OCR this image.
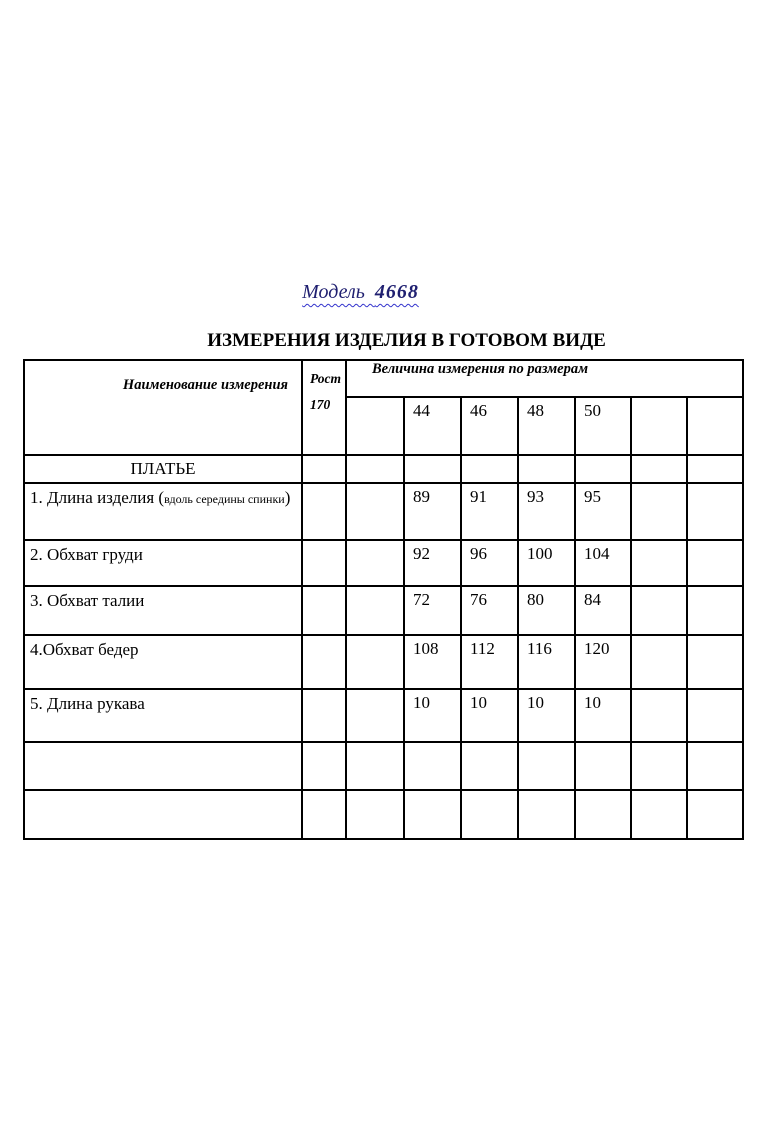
Модель 4668
ИЗМЕРЕНИЯ ИЗДЕЛИЯ В ГОТОВОМ ВИДЕ
Наименование измерения	Рост
170	Величина измерения по размерам						
			44	46	48	50		
ПЛАТЬЕ								
1. Длина изделия (вдоль середины спинки)			89	91	93	95		
2. Обхват груди			92	96	100	104		
3. Обхват талии			72	76	80	84		
4.Обхват бедер			108	112	116	120		
5. Длина рукава			10	10	10	10		
